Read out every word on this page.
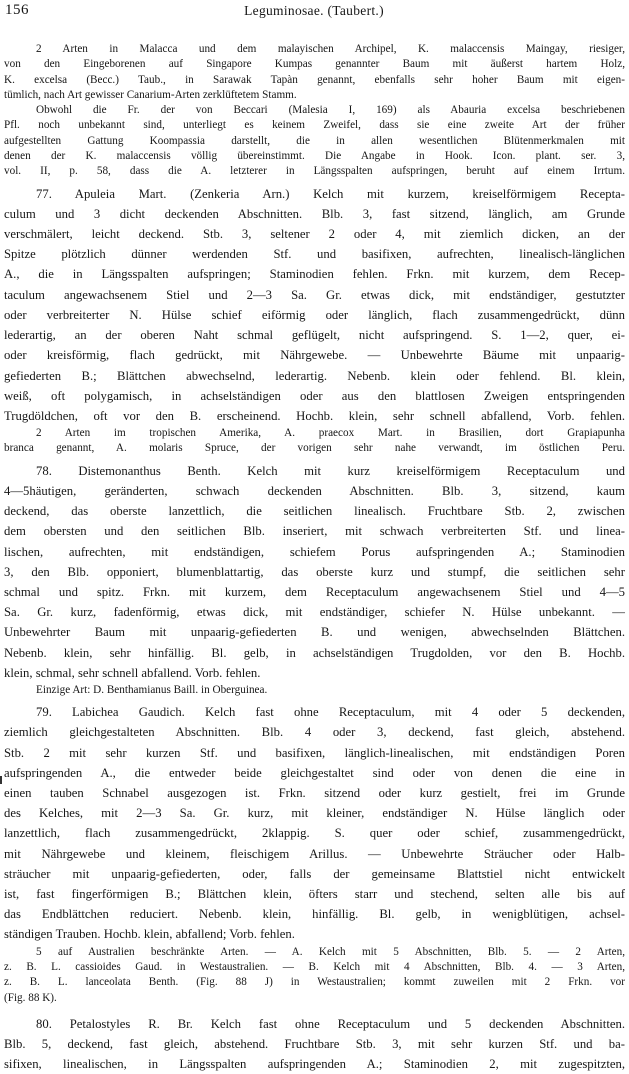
156	Leguminosae. (Taubert.)

2 Arten in Malacca und dem malayischen Archipel, K. malaccensis Maingay, riesiger,

von den Eingeborenen auf Singapore Kumpas genannter Baum mit äußerst hartem Holz,

K. excelsa (Becc.) Taub., in Sarawak Tapàn genannt, ebenfalls sehr hoher Baum mit eigen-

tümlich, nach Art gewisser Canarium-Arten zerklüftetem Stamm.

Obwohl die Fr. der von Beccari (Malesia I, 169) als Abauria excelsa beschriebenen

Pfl. noch unbekannt sind, unterliegt es keinem Zweifel, dass sie eine zweite Art der früher

aufgestellten Gattung Koompassia darstellt, die in allen wesentlichen Blütenmerkmalen mit

denen der K. malaccensis völlig übereinstimmt. Die Angabe in Hook. Icon. plant. ser. 3,

vol. II, p. 58, dass die A. letzterer in Längsspalten aufspringen, beruht auf einem Irrtum.

77. Apuleia Mart. (Zenkeria Arn.) Kelch mit kurzem, kreiselförmigem Recepta-

culum und 3 dicht deckenden Abschnitten. Blb. 3, fast sitzend, länglich, am Grunde

verschmälert, leicht deckend. Stb. 3, seltener 2 oder 4, mit ziemlich dicken, an der

Spitze plötzlich dünner werdenden Stf. und basifixen, aufrechten, linealisch-länglichen

A., die in Längsspalten aufspringen; Staminodien fehlen. Frkn. mit kurzem, dem Recep-

taculum angewachsenem Stiel und 2—3 Sa. Gr. etwas dick, mit endständiger, gestutzter

oder verbreiterter N. Hülse schief eiförmig oder länglich, flach zusammengedrückt, dünn

lederartig, an der oberen Naht schmal geflügelt, nicht aufspringend. S. 1—2, quer, ei-

oder kreisförmig, flach gedrückt, mit Nährgewebe. — Unbewehrte Bäume mit unpaarig-

gefiederten B.; Blättchen abwechselnd, lederartig. Nebenb. klein oder fehlend. Bl. klein,

weiß, oft polygamisch, in achselständigen oder aus den blattlosen Zweigen entspringenden

Trugdöldchen, oft vor den B. erscheinend. Hochb. klein, sehr schnell abfallend, Vorb. fehlen.

2 Arten im tropischen Amerika, A. praecox Mart. in Brasilien, dort Grapiapunha

branca genannt, A. molaris Spruce, der vorigen sehr nahe verwandt, im östlichen Peru.

78. Distemonanthus Benth. Kelch mit kurz kreiselförmigem Receptaculum und

4—5häutigen, geränderten, schwach deckenden Abschnitten. Blb. 3, sitzend, kaum

deckend, das oberste lanzettlich, die seitlichen linealisch. Fruchtbare Stb. 2, zwischen

dem obersten und den seitlichen Blb. inseriert, mit schwach verbreiterten Stf. und linea-

lischen, aufrechten, mit endständigen, schiefem Porus aufspringenden A.; Staminodien

3, den Blb. opponiert, blumenblattartig, das oberste kurz und stumpf, die seitlichen sehr

schmal und spitz. Frkn. mit kurzem, dem Receptaculum angewachsenem Stiel und 4—5

Sa. Gr. kurz, fadenförmig, etwas dick, mit endständiger, schiefer N. Hülse unbekannt. —

Unbewehrter Baum mit unpaarig-gefiederten B. und wenigen, abwechselnden Blättchen.

Nebenb. klein, sehr hinfällig. Bl. gelb, in achselständigen Trugdolden, vor den B. Hochb.

klein, schmal, sehr schnell abfallend. Vorb. fehlen.

Einzige Art: D. Benthamianus Baill. in Oberguinea.

79. Labichea Gaudich. Kelch fast ohne Receptaculum, mit 4 oder 5 deckenden,

ziemlich gleichgestalteten Abschnitten. Blb. 4 oder 3, deckend, fast gleich, abstehend.

Stb. 2 mit sehr kurzen Stf. und basifixen, länglich-linealischen, mit endständigen Poren

aufspringenden A., die entweder beide gleichgestaltet sind oder von denen die eine in

einen tauben Schnabel ausgezogen ist. Frkn. sitzend oder kurz gestielt, frei im Grunde

des Kelches, mit 2—3 Sa. Gr. kurz, mit kleiner, endständiger N. Hülse länglich oder

lanzettlich, flach zusammengedrückt, 2klappig. S. quer oder schief, zusammengedrückt,

mit Nährgewebe und kleinem, fleischigem Arillus. — Unbewehrte Sträucher oder Halb-

sträucher mit unpaarig-gefiederten, oder, falls der gemeinsame Blattstiel nicht entwickelt

ist, fast fingerförmigen B.; Blättchen klein, öfters starr und stechend, selten alle bis auf

das Endblättchen reduciert. Nebenb. klein, hinfällig. Bl. gelb, in wenigblütigen, achsel-

ständigen Trauben. Hochb. klein, abfallend; Vorb. fehlen.

5 auf Australien beschränkte Arten. — A. Kelch mit 5 Abschnitten, Blb. 5. — 2 Arten,

z. B. L. cassioides Gaud. in Westaustralien. — B. Kelch mit 4 Abschnitten, Blb. 4. — 3 Arten,

z. B. L. lanceolata Benth. (Fig. 88 J) in Westaustralien; kommt zuweilen mit 2 Frkn. vor

(Fig. 88 K).

80. Petalostyles R. Br. Kelch fast ohne Receptaculum und 5 deckenden Abschnitten.

Blb. 5, deckend, fast gleich, abstehend. Fruchtbare Stb. 3, mit sehr kurzen Stf. und ba-

sifixen, linealischen, in Längsspalten aufspringenden A.; Staminodien 2, mit zugespitzten,
